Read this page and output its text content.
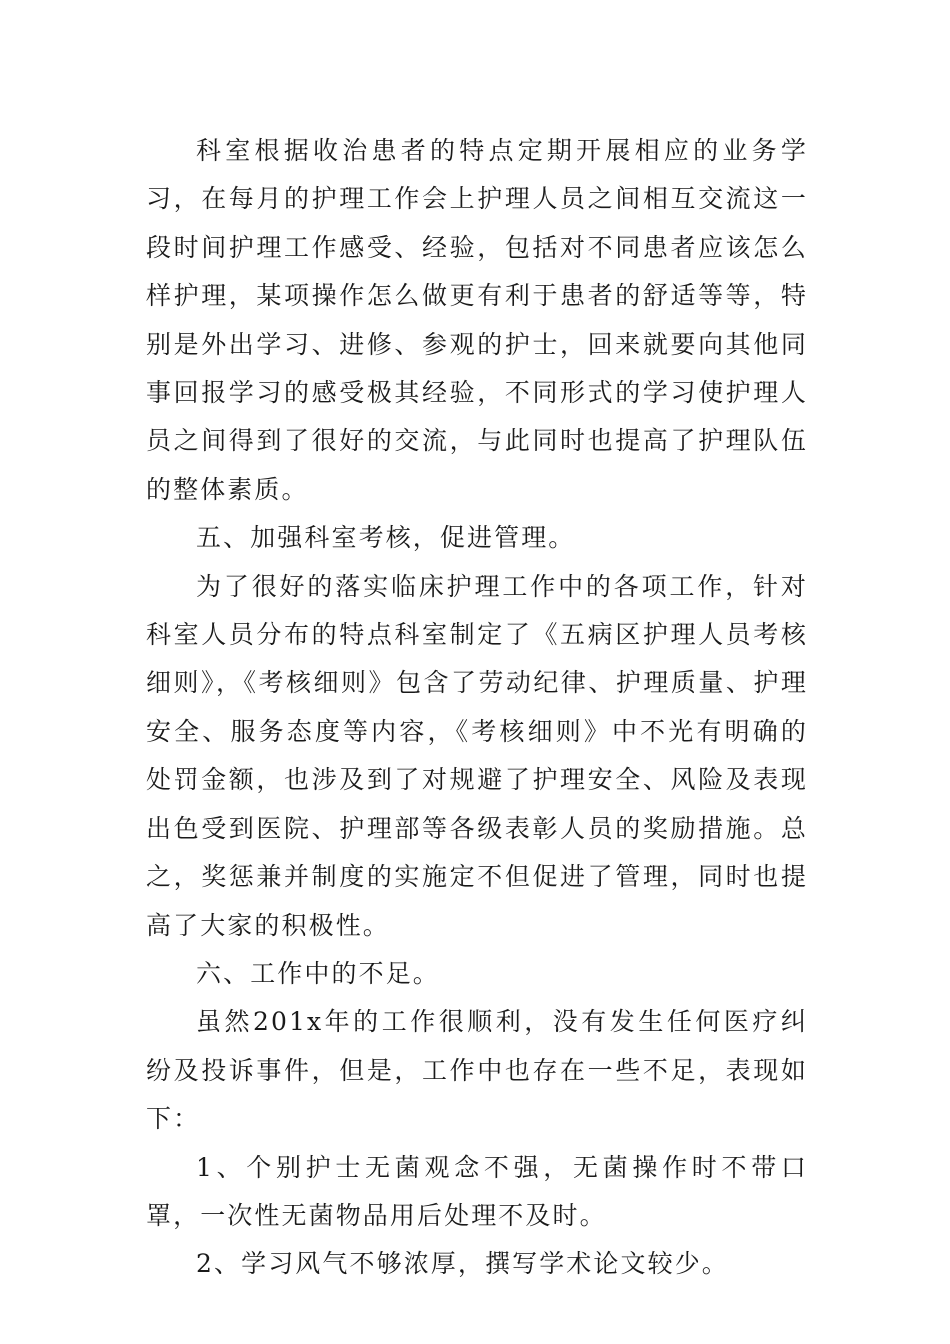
科室根据收治患者的特点定期开展相应的业务学习，在每月的护理工作会上护理人员之间相互交流这一段时间护理工作感受、经验，包括对不同患者应该怎么样护理，某项操作怎么做更有利于患者的舒适等等，特别是外出学习、进修、参观的护士，回来就要向其他同事回报学习的感受极其经验，不同形式的学习使护理人员之间得到了很好的交流，与此同时也提高了护理队伍的整体素质。

五、加强科室考核，促进管理。

为了很好的落实临床护理工作中的各项工作，针对科室人员分布的特点科室制定了《五病区护理人员考核细则》，《考核细则》包含了劳动纪律、护理质量、护理安全、服务态度等内容，《考核细则》中不光有明确的处罚金额，也涉及到了对规避了护理安全、风险及表现出色受到医院、护理部等各级表彰人员的奖励措施。总之，奖惩兼并制度的实施定不但促进了管理，同时也提高了大家的积极性。

六、工作中的不足。

虽然201x年的工作很顺利，没有发生任何医疗纠纷及投诉事件，但是，工作中也存在一些不足，表现如下：

1、个别护士无菌观念不强，无菌操作时不带口罩，一次性无菌物品用后处理不及时。

2、学习风气不够浓厚，撰写学术论文较少。
